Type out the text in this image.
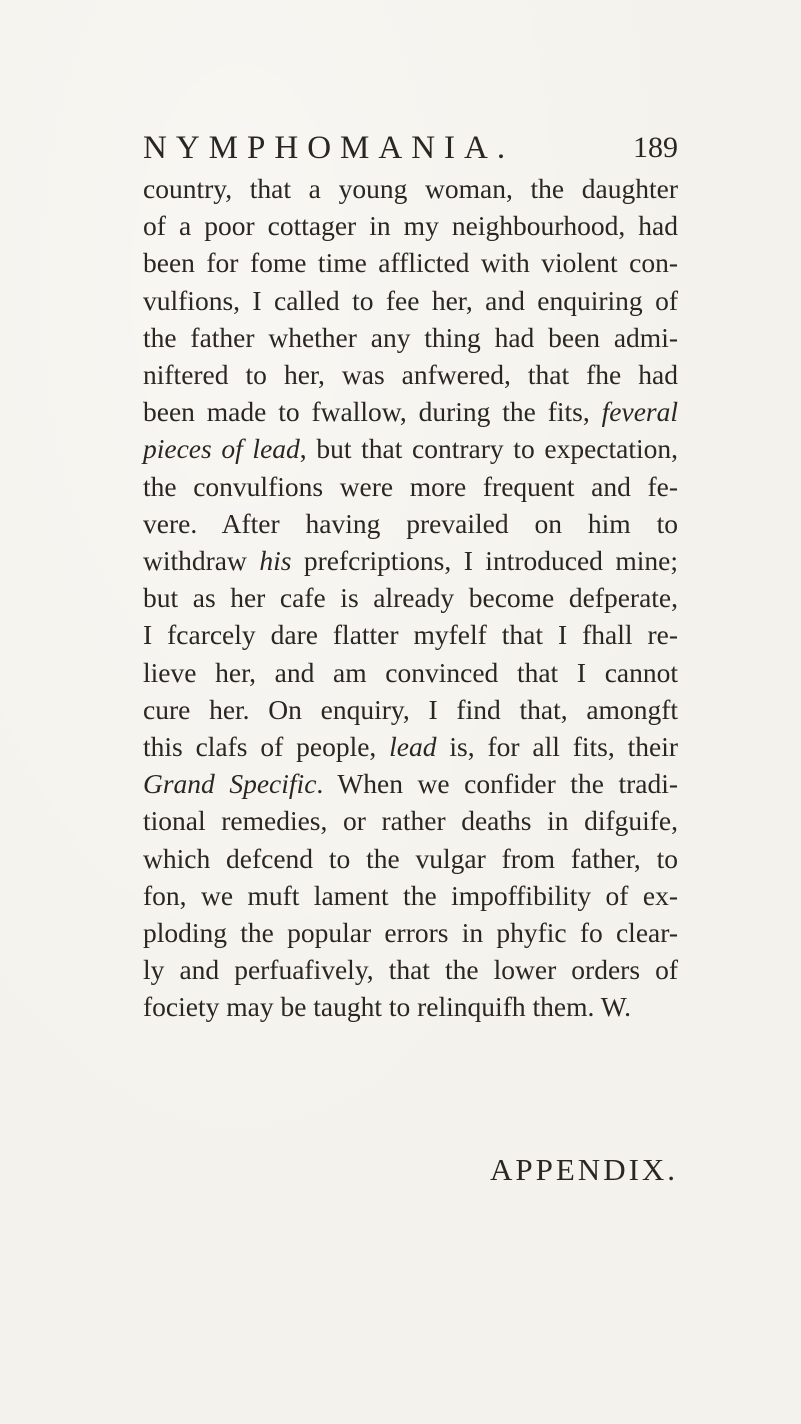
NYMPHOMANIA.	189
country, that a young woman, the daughter
of a poor cottager in my neighbourhood, had
been for fome time afflicted with violent con-
vulfions, I called to fee her, and enquiring of
the father whether any thing had been admi-
niftered to her, was anfwered, that fhe had
been made to fwallow, during the fits, feveral
pieces of lead, but that contrary to expectation,
the convulfions were more frequent and fe-
vere. After having prevailed on him to
withdraw his prefcriptions, I introduced mine;
but as her cafe is already become defperate,
I fcarcely dare flatter myfelf that I fhall re-
lieve her, and am convinced that I cannot
cure her. On enquiry, I find that, amongft
this clafs of people, lead is, for all fits, their
Grand Specific. When we confider the tradi-
tional remedies, or rather deaths in difguife,
which defcend to the vulgar from father, to
fon, we muft lament the impoffibility of ex-
ploding the popular errors in phyfic fo clear-
ly and perfuafively, that the lower orders of
fociety may be taught to relinquifh them. W.
APPENDIX.
